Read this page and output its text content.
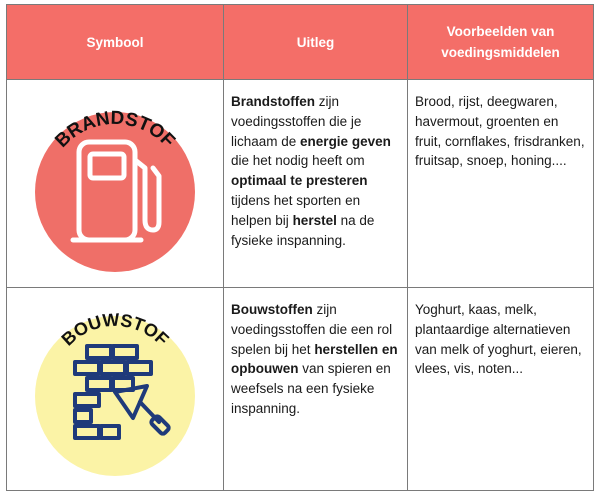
Symbool	Uitleg	Voorbeelden van voedingsmiddelen

BRANDSTOF	Brandstoffen zijn voedingsstoffen die je lichaam de energie geven die het nodig heeft om optimaal te presteren tijdens het sporten en helpen bij herstel na de fysieke inspanning.	Brood, rijst, deegwaren, havermout, groenten en fruit, cornflakes, frisdranken, fruitsap, snoep, honing....

BOUWSTOF	Bouwstoffen zijn voedingsstoffen die een rol spelen bij het herstellen en opbouwen van spieren en weefsels na een fysieke inspanning.	Yoghurt, kaas, melk, plantaardige alternatieven van melk of yoghurt, eieren, vlees, vis, noten...
